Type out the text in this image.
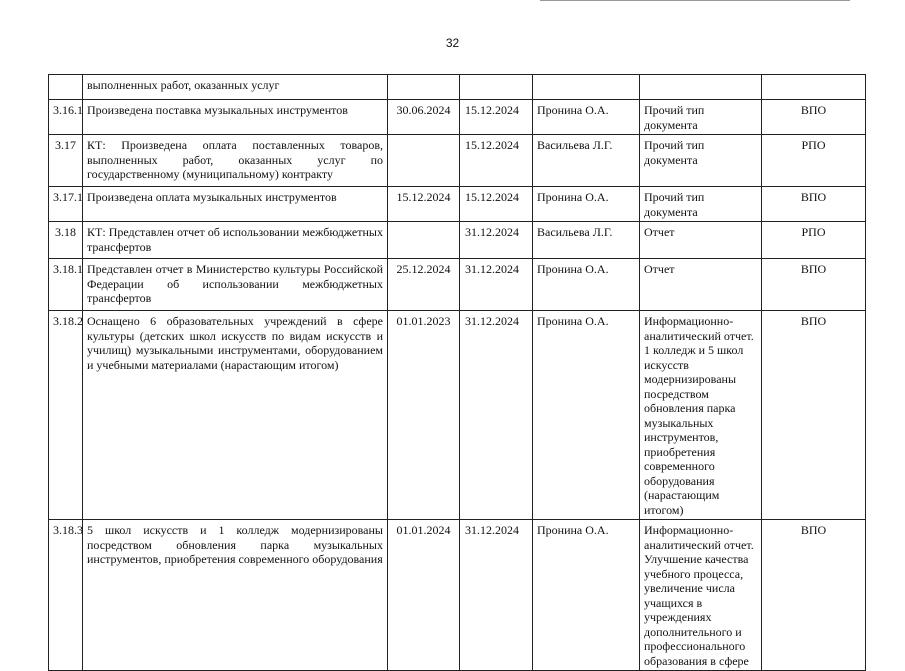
32
	выполненных работ, оказанных услуг					
3.16.1	Произведена поставка музыкальных инструментов	30.06.2024	15.12.2024	Пронина О.А.	Прочий тип документа	ВПО
3.17	КТ: Произведена оплата поставленных товаров, выполненных работ, оказанных услуг по государственному (муниципальному) контракту		15.12.2024	Васильева Л.Г.	Прочий тип документа	РПО
3.17.1	Произведена оплата музыкальных инструментов	15.12.2024	15.12.2024	Пронина О.А.	Прочий тип документа	ВПО
3.18	КТ: Представлен отчет об использовании межбюджетных трансфертов		31.12.2024	Васильева Л.Г.	Отчет	РПО
3.18.1	Представлен отчет в Министерство культуры Российской Федерации об использовании межбюджетных трансфертов	25.12.2024	31.12.2024	Пронина О.А.	Отчет	ВПО
3.18.2	Оснащено 6 образовательных учреждений в сфере культуры (детских школ искусств по видам искусств и училищ) музыкальными инструментами, оборудованием и учебными материалами (нарастающим итогом)	01.01.2023	31.12.2024	Пронина О.А.	Информационно-аналитический отчет. 1 колледж и 5 школ искусств модернизированы посредством обновления парка музыкальных инструментов, приобретения современного оборудования (нарастающим итогом)	ВПО
3.18.3	5 школ искусств и 1 колледж модернизированы посредством обновления парка музыкальных инструментов, приобретения современного оборудования	01.01.2024	31.12.2024	Пронина О.А.	Информационно-аналитический отчет. Улучшение качества учебного процесса, увеличение числа учащихся в учреждениях дополнительного и профессионального образования в сфере	ВПО
